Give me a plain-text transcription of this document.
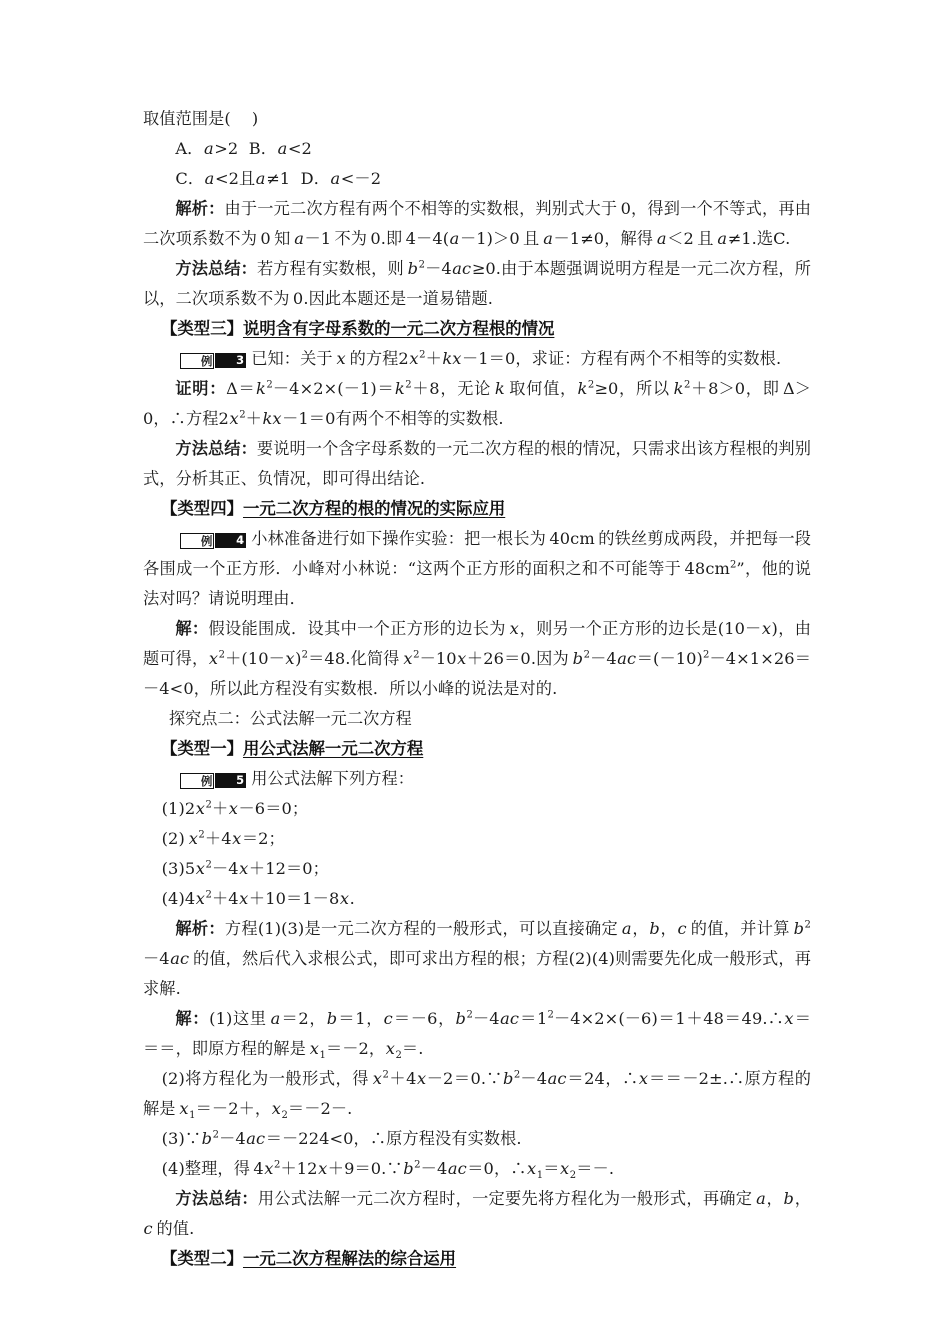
取值范围是(    )

A．a>2  B．a<2

C．a<2且a≠1  D．a<－2

解析：由于一元二次方程有两个不相等的实数根，判别式大于 0，得到一个不等式，再由二次项系数不为 0 知 a－1 不为 0.即 4－4(a－1)＞0 且 a－1≠0，解得 a＜2 且 a≠1.选C.

方法总结：若方程有实数根，则 $b^2-4ac\ge 0$.由于本题强调说明方程是一元二次方程，所以，二次项系数不为 0.因此本题还是一道易错题.

【类型三】说明含有字母系数的一元二次方程根的情况

例 3 已知：关于 x 的方程$2x^2+kx-1=0$，求证：方程有两个不相等的实数根.

证明：$\Delta=k^2-4\times 2\times(-1)=k^2+8$，无论 k 取何值，$k^2\ge 0$，所以 $k^2+8>0$，即 Δ＞0，∴方程$2x^2+kx-1=0$有两个不相等的实数根.

方法总结：要说明一个含字母系数的一元二次方程的根的情况，只需求出该方程根的判别式，分析其正、负情况，即可得出结论.

【类型四】一元二次方程的根的情况的实际应用

例 4 小林准备进行如下操作实验：把一根长为 40cm 的铁丝剪成两段，并把每一段各围成一个正方形．小峰对小林说：“这两个正方形的面积之和不可能等于 $48cm^2$”，他的说法对吗？请说明理由．

解：假设能围成．设其中一个正方形的边长为 x，则另一个正方形的边长是(10－x)，由题可得，$x^2+(10-x)^2=48$.化简得 $x^2-10x+26=0$.因为 $b^2-4ac=(-10)^2-4\times 1\times 26=-4<0$，所以此方程没有实数根．所以小峰的说法是对的.

探究点二：公式法解一元二次方程

【类型一】用公式法解一元二次方程

例 5 用公式法解下列方程：

$(1)2x^2+x-6=0$；

(2) $x^2+4x=2$；

$(3)5x^2-4x+12=0$；

$(4)4x^2+4x+10=1-8x$.

解析：方程(1)(3)是一元二次方程的一般形式，可以直接确定 a，b，c 的值，并计算 $b^2-4ac$ 的值，然后代入求根公式，即可求出方程的根；方程(2)(4)则需要先化成一般形式，再求解.

解：(1)这里 a＝2，b＝1，c＝－6，$b^2-4ac=1^2-4\times 2\times(-6)=1+48=49.\therefore x===$，即原方程的解是 $x_1=-2$，$x_2=$.

(2)将方程化为一般形式，得 $x^2+4x-2=0.\because b^2-4ac=24$，∴x＝＝－2±.∴原方程的解是 $x_1=-2+$，$x_2=-2-$.

$(3)\because b^2-4ac=-224<0$，∴原方程没有实数根.

(4)整理，得 $4x^2+12x+9=0.\because b^2-4ac=0$，$\therefore x_1=x_2=-$.

方法总结：用公式法解一元二次方程时，一定要先将方程化为一般形式，再确定 a，b，c 的值.

【类型二】一元二次方程解法的综合运用
